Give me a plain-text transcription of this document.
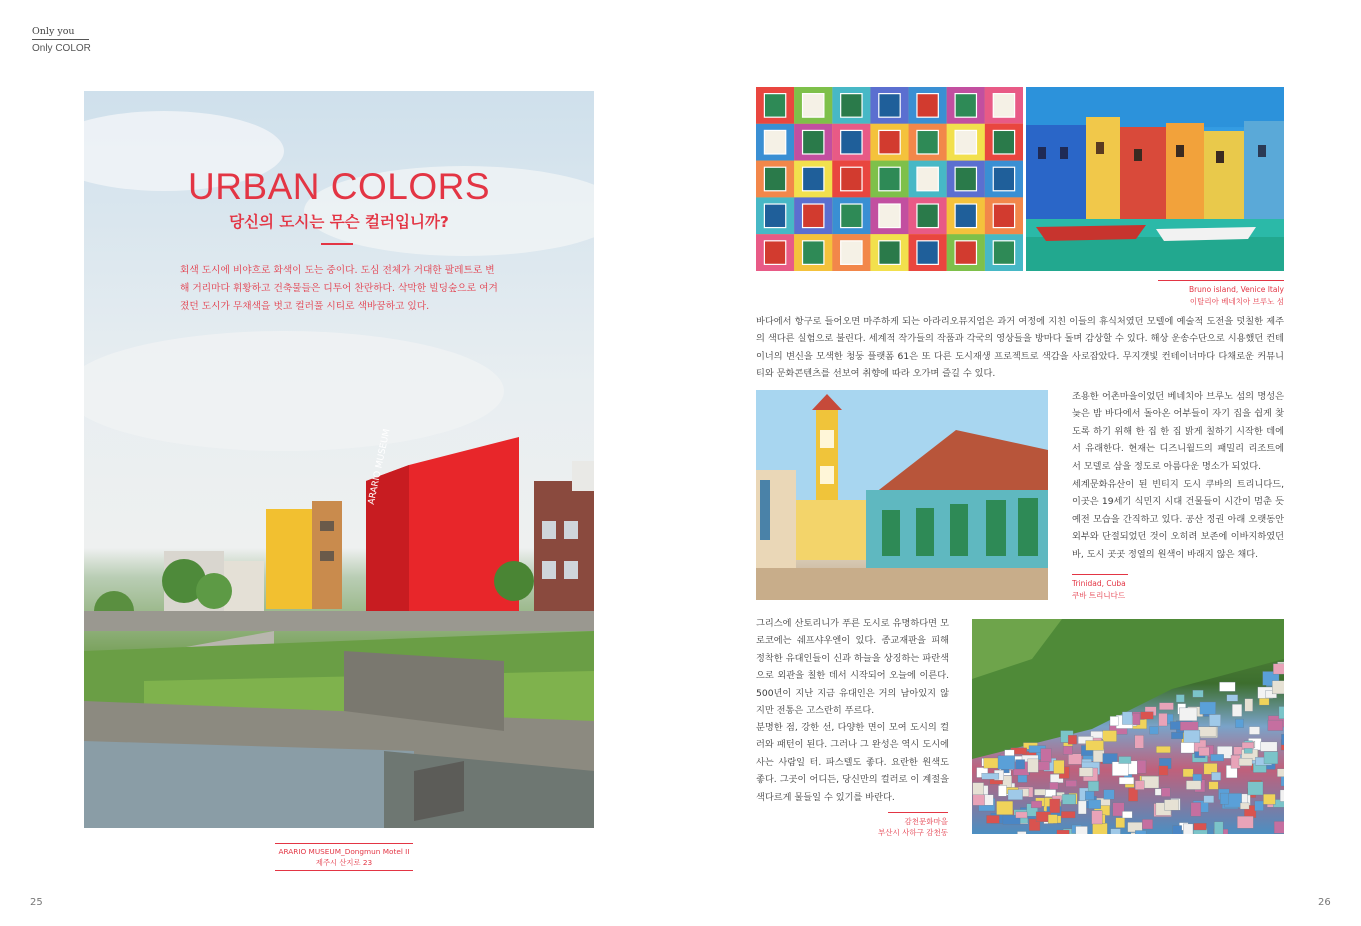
Only you
Only COLOR
ARARIO MUSEUM
URBAN COLORS
당신의 도시는 무슨 컬러입니까?
회색 도시에 비야흐로 화색이 도는 중이다. 도심 전체가 거대한 팔레트로 변해 거리마다 휘황하고 건축물들은 디투어 찬란하다. 삭막한 빌딩숲으로 여겨졌던 도시가 무채색을 벗고 컬러풀 시티로 색바꿈하고 있다.
ARARIO MUSEUM_Dongmun Motel II
제주시 산지로 23
25	26
Bruno island, Venice Italy
이탈리아 베네치아 브루노 섬
바다에서 항구로 들어오면 마주하게 되는 아라리오뮤지엄은 과거 여정에 지친 이들의 휴식처였던 모텔에 예술적 도전을 덧칠한 제주의 색다른 실험으로 불린다. 세계적 작가들의 작품과 각국의 영상들을 방마다 돌며 감상할 수 있다. 해상 운송수단으로 시용했던 컨테이너의 변신을 모색한 청둥 플랫폼 61은 또 다른 도시재생 프로젝트로 색감을 사로잡았다. 무지갯빛 컨테이너마다 다채로운 커뮤니티와 문화콘텐츠를 선보여 취향에 따라 오가며 즐길 수 있다.
조용한 어촌마을이었던 베네치아 브루노 섬의 명성은 늦은 밤 바다에서 돌아온 어부들이 자기 집을 쉽게 찾도록 하기 위해 한 집 한 집 밝게 칠하기 시작한 데에서 유래한다. 현재는 디즈니월드의 패밀리 리조트에서 모델로 삼을 정도로 아름다운 명소가 되었다.
세계문화유산이 된 빈티지 도시 쿠바의 트리니다드, 이곳은 19세기 식민지 시대 건물들이 시간이 멈춘 듯 예전 모습을 간직하고 있다. 공산 정권 아래 오랫동안 외부와 단절되었던 것이 오히려 보존에 이바지하였던 바, 도시 곳곳 정열의 원색이 바래지 않은 채다.
Trinidad, Cuba
쿠바 트리니다드
그리스에 산토리니가 푸른 도시로 유명하다면 모로코에는 쉐프샤우엔이 있다. 종교재판을 피해 정착한 유대인들이 신과 하늘을 상징하는 파란색으로 외관을 칠한 데서 시작되어 오늘에 이른다. 500년이 지난 지금 유대인은 거의 남아있지 않지만 전통은 고스란히 푸르다.
분명한 점, 강한 선, 다양한 면이 모여 도시의 컬러와 패턴이 된다. 그러나 그 완성은 역시 도시에 사는 사람일 터. 파스텔도 좋다. 요란한 원색도 좋다. 그곳이 어디든, 당신만의 컬러로 이 계절을 색다르게 물들일 수 있기를 바란다.
감천문화마을
부산시 사하구 감천동
